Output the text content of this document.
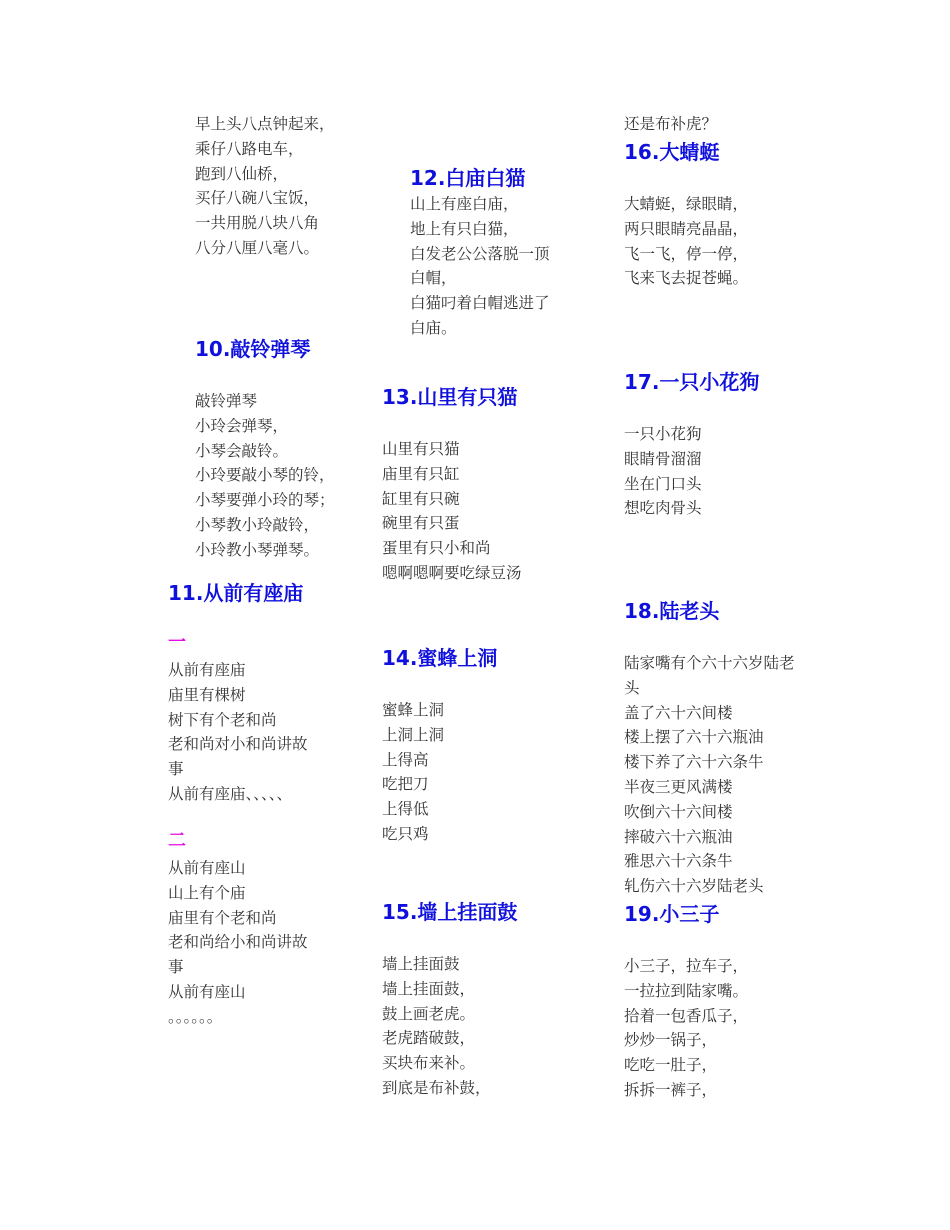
早上头八点钟起来，
乘仔八路电车，
跑到八仙桥，
买仔八碗八宝饭，
一共用脱八块八角
八分八厘八毫八。
10.敲铃弹琴
敲铃弹琴
小玲会弹琴，
小琴会敲铃。
小玲要敲小琴的铃，
小琴要弹小玲的琴；
小琴教小玲敲铃，
小玲教小琴弹琴。
11.从前有座庙
一
从前有座庙
庙里有棵树
树下有个老和尚
老和尚对小和尚讲故
事
从前有座庙、、、、、
二
从前有座山
山上有个庙
庙里有个老和尚
老和尚给小和尚讲故
事
从前有座山
。。。。。。
12.白庙白猫
山上有座白庙，
地上有只白猫，
白发老公公落脱一顶
白帽，
白猫叼着白帽逃进了
白庙。
13.山里有只猫
山里有只猫
庙里有只缸
缸里有只碗
碗里有只蛋
蛋里有只小和尚
嗯啊嗯啊要吃绿豆汤
14.蜜蜂上洞
蜜蜂上洞
上洞上洞
上得高
吃把刀
上得低
吃只鸡
15.墙上挂面鼓
墙上挂面鼓
墙上挂面鼓，
鼓上画老虎。
老虎踏破鼓，
买块布来补。
到底是布补鼓，
还是布补虎？
16.大蜻蜓
大蜻蜓，绿眼睛，
两只眼睛亮晶晶，
飞一飞，停一停，
飞来飞去捉苍蝇。
17.一只小花狗
一只小花狗
眼睛骨溜溜
坐在门口头
想吃肉骨头
18.陆老头
陆家嘴有个六十六岁陆老
头
盖了六十六间楼
楼上摆了六十六瓶油
楼下养了六十六条牛
半夜三更风满楼
吹倒六十六间楼
摔破六十六瓶油
雅思六十六条牛
轧伤六十六岁陆老头
19.小三子
小三子，拉车子，
一拉拉到陆家嘴。
拾着一包香瓜子，
炒炒一锅子，
吃吃一肚子，
拆拆一裤子，
